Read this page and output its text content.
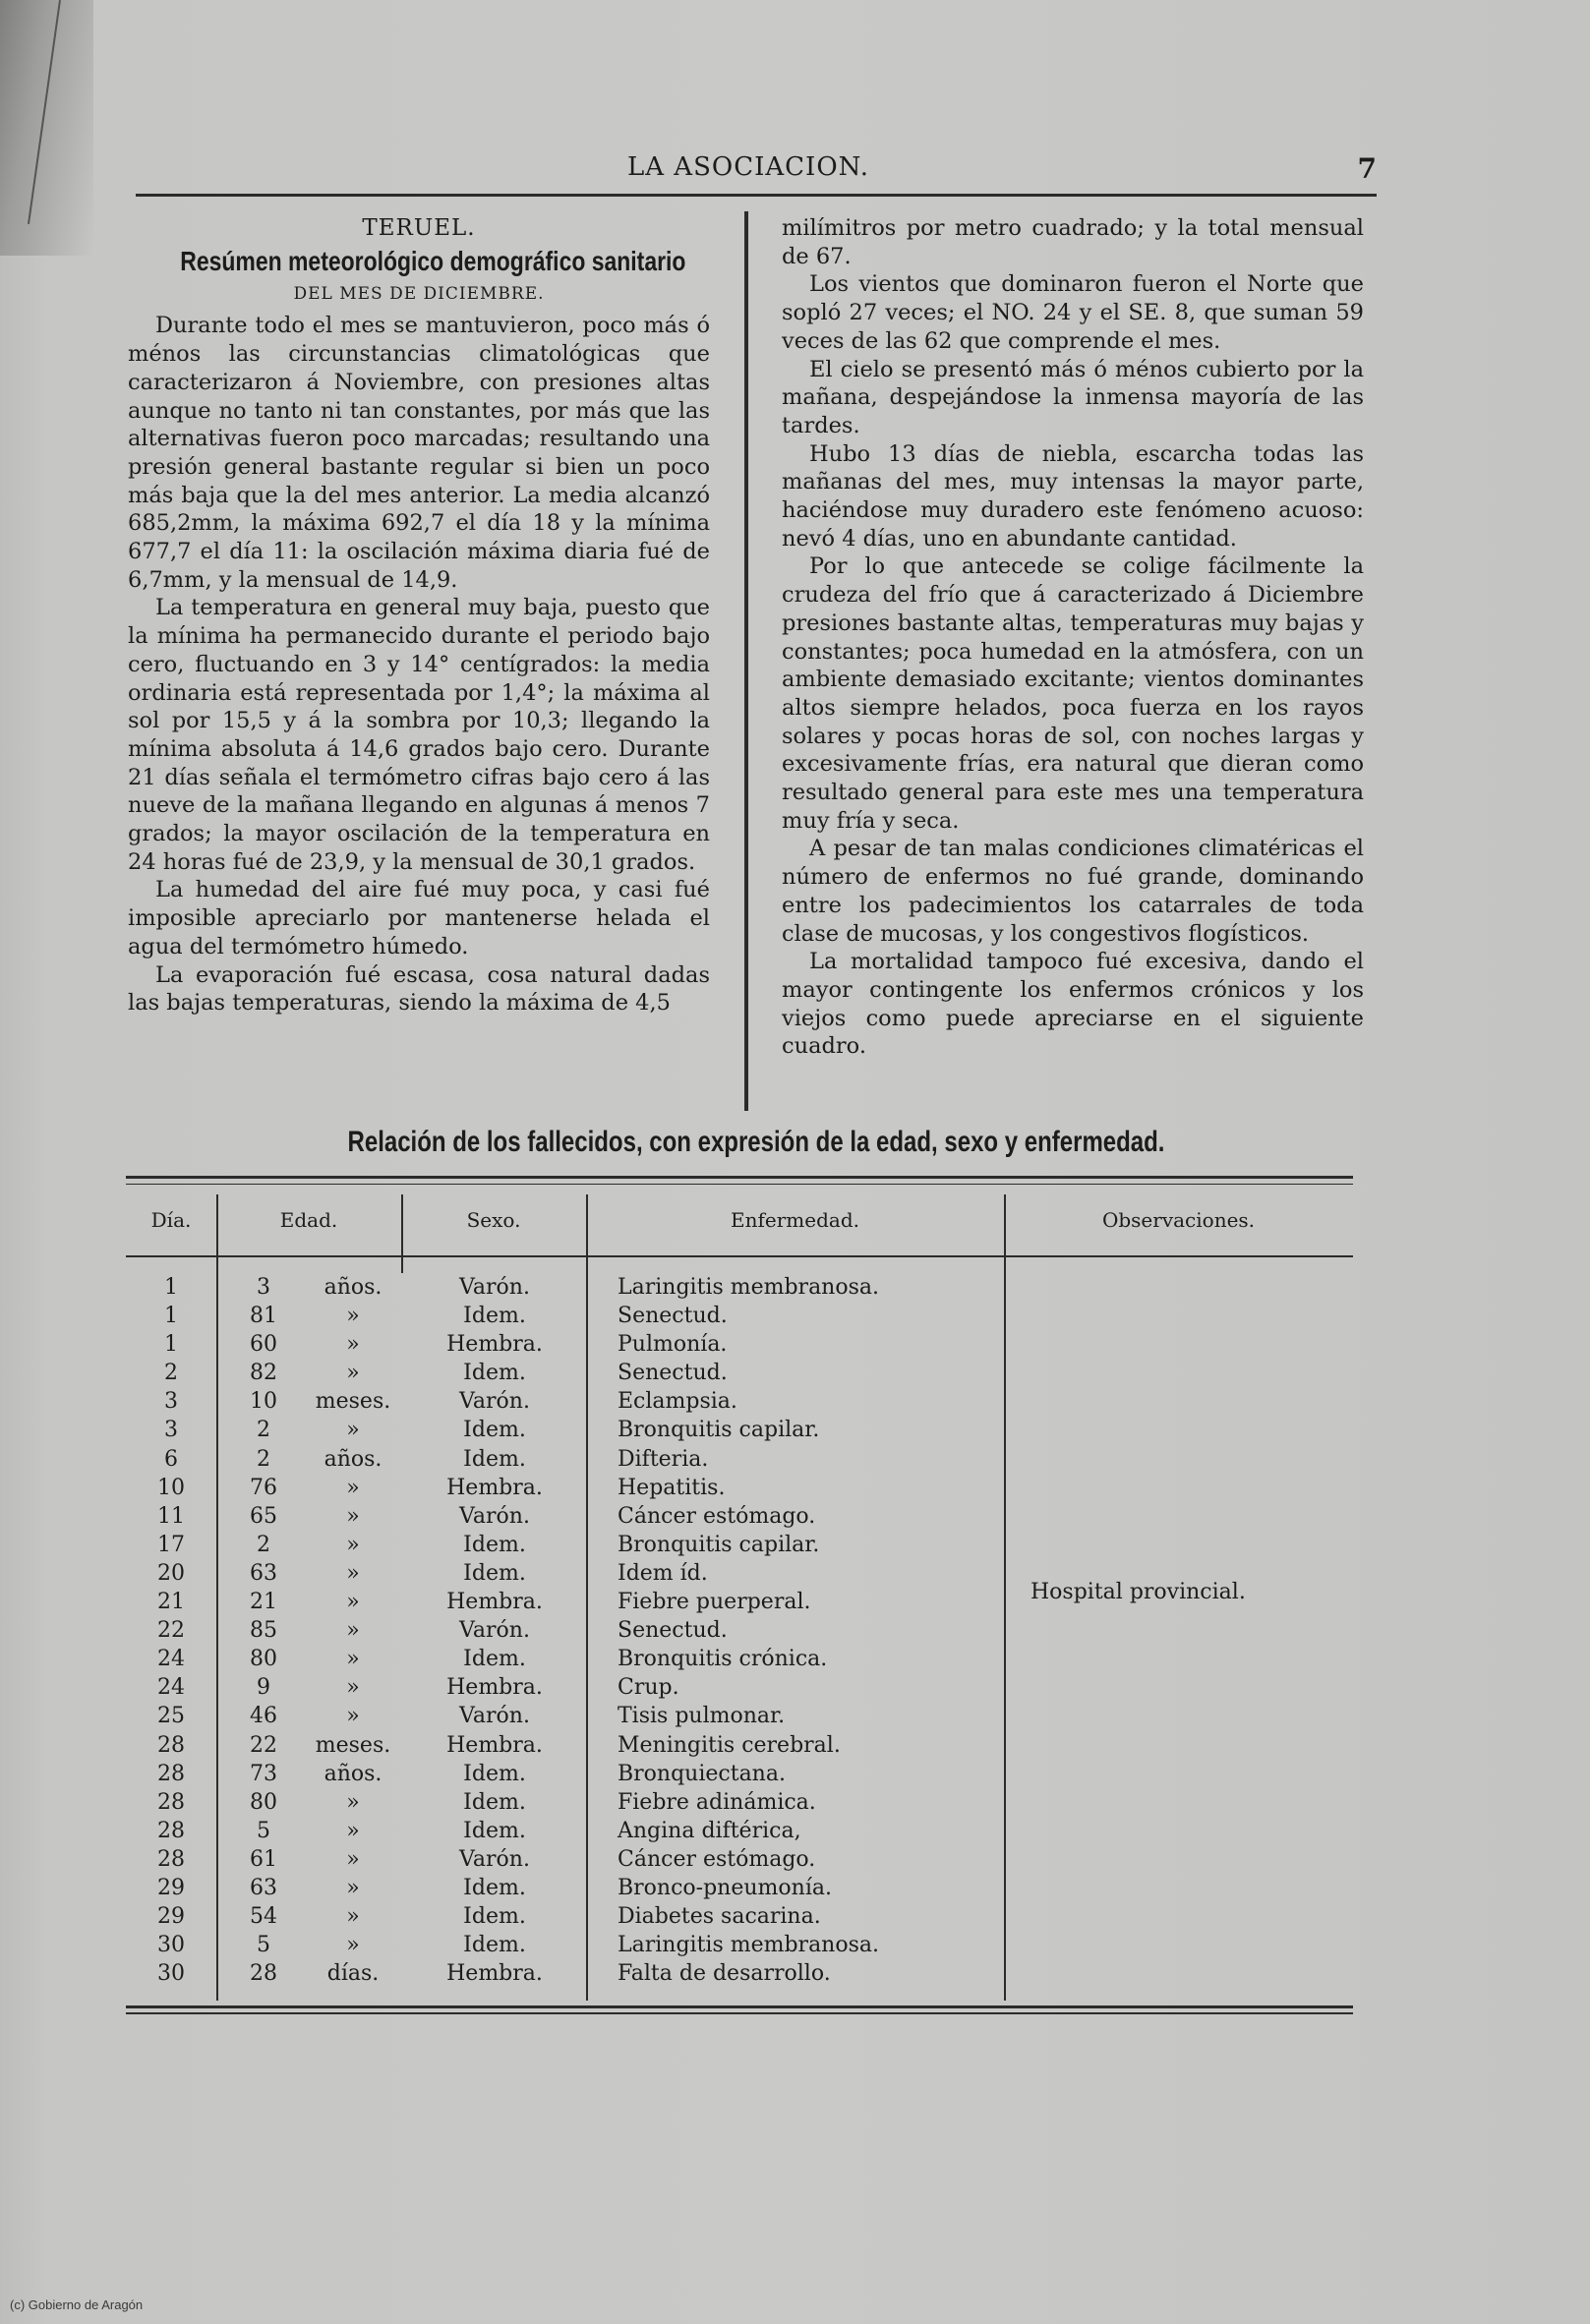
LA ASOCIACION.	7

TERUEL.

Resúmen meteorológico demográfico sanitario

DEL MES DE DICIEMBRE.

Durante todo el mes se mantuvieron, poco más ó ménos las circunstancias climatológicas que caracterizaron á Noviembre, con presiones altas aunque no tanto ni tan constantes, por más que las alternativas fueron poco marcadas; resultando una presión general bastante regular si bien un poco más baja que la del mes anterior. La media alcanzó 685,2mm, la máxima 692,7 el día 18 y la mínima 677,7 el día 11: la oscilación máxima diaria fué de 6,7mm, y la mensual de 14,9.

La temperatura en general muy baja, puesto que la mínima ha permanecido durante el periodo bajo cero, fluctuando en 3 y 14° centígrados: la media ordinaria está representada por 1,4°; la máxima al sol por 15,5 y á la sombra por 10,3; llegando la mínima absoluta á 14,6 grados bajo cero. Durante 21 días señala el termómetro cifras bajo cero á las nueve de la mañana llegando en algunas á menos 7 grados; la mayor oscilación de la temperatura en 24 horas fué de 23,9, y la mensual de 30,1 grados.

La humedad del aire fué muy poca, y casi fué imposible apreciarlo por mantenerse helada el agua del termómetro húmedo.

La evaporación fué escasa, cosa natural dadas las bajas temperaturas, siendo la máxima de 4,5

milímitros por metro cuadrado; y la total mensual de 67.

Los vientos que dominaron fueron el Norte que sopló 27 veces; el NO. 24 y el SE. 8, que suman 59 veces de las 62 que comprende el mes.

El cielo se presentó más ó ménos cubierto por la mañana, despejándose la inmensa mayoría de las tardes.

Hubo 13 días de niebla, escarcha todas las mañanas del mes, muy intensas la mayor parte, haciéndose muy duradero este fenómeno acuoso: nevó 4 días, uno en abundante cantidad.

Por lo que antecede se colige fácilmente la crudeza del frío que á caracterizado á Diciembre presiones bastante altas, temperaturas muy bajas y constantes; poca humedad en la atmósfera, con un ambiente demasiado excitante; vientos dominantes altos siempre helados, poca fuerza en los rayos solares y pocas horas de sol, con noches largas y excesivamente frías, era natural que dieran como resultado general para este mes una temperatura muy fría y seca.

A pesar de tan malas condiciones climatéricas el número de enfermos no fué grande, dominando entre los padecimientos los catarrales de toda clase de mucosas, y los congestivos flogísticos.

La mortalidad tampoco fué excesiva, dando el mayor contingente los enfermos crónicos y los viejos como puede apreciarse en el siguiente cuadro.

Relación de los fallecidos, con expresión de la edad, sexo y enfermedad.
Día.	Edad.	Sexo.	Enfermedad.	Observaciones.
1	3	años.	Varón.	Laringitis membranosa.
1	81	»	Idem.	Senectud.
1	60	»	Hembra.	Pulmonía.
2	82	»	Idem.	Senectud.
3	10	meses.	Varón.	Eclampsia.
3	2	»	Idem.	Bronquitis capilar.
6	2	años.	Idem.	Difteria.
10	76	»	Hembra.	Hepatitis.
11	65	»	Varón.	Cáncer estómago.
17	2	»	Idem.	Bronquitis capilar.
20	63	»	Idem.	Idem íd.
21	21	»	Hembra.	Fiebre puerperal.
22	85	»	Varón.	Senectud.
24	80	»	Idem.	Bronquitis crónica.
24	9	»	Hembra.	Crup.
25	46	»	Varón.	Tisis pulmonar.
28	22	meses.	Hembra.	Meningitis cerebral.
28	73	años.	Idem.	Bronquiectana.
28	80	»	Idem.	Fiebre adinámica.
28	5	»	Idem.	Angina diftérica,
28	61	»	Varón.	Cáncer estómago.
29	63	»	Idem.	Bronco-pneumonía.
29	54	»	Idem.	Diabetes sacarina.
30	5	»	Idem.	Laringitis membranosa.
30	28	días.	Hembra.	Falta de desarrollo.
Hospital provincial.
(c) Gobierno de Aragón
